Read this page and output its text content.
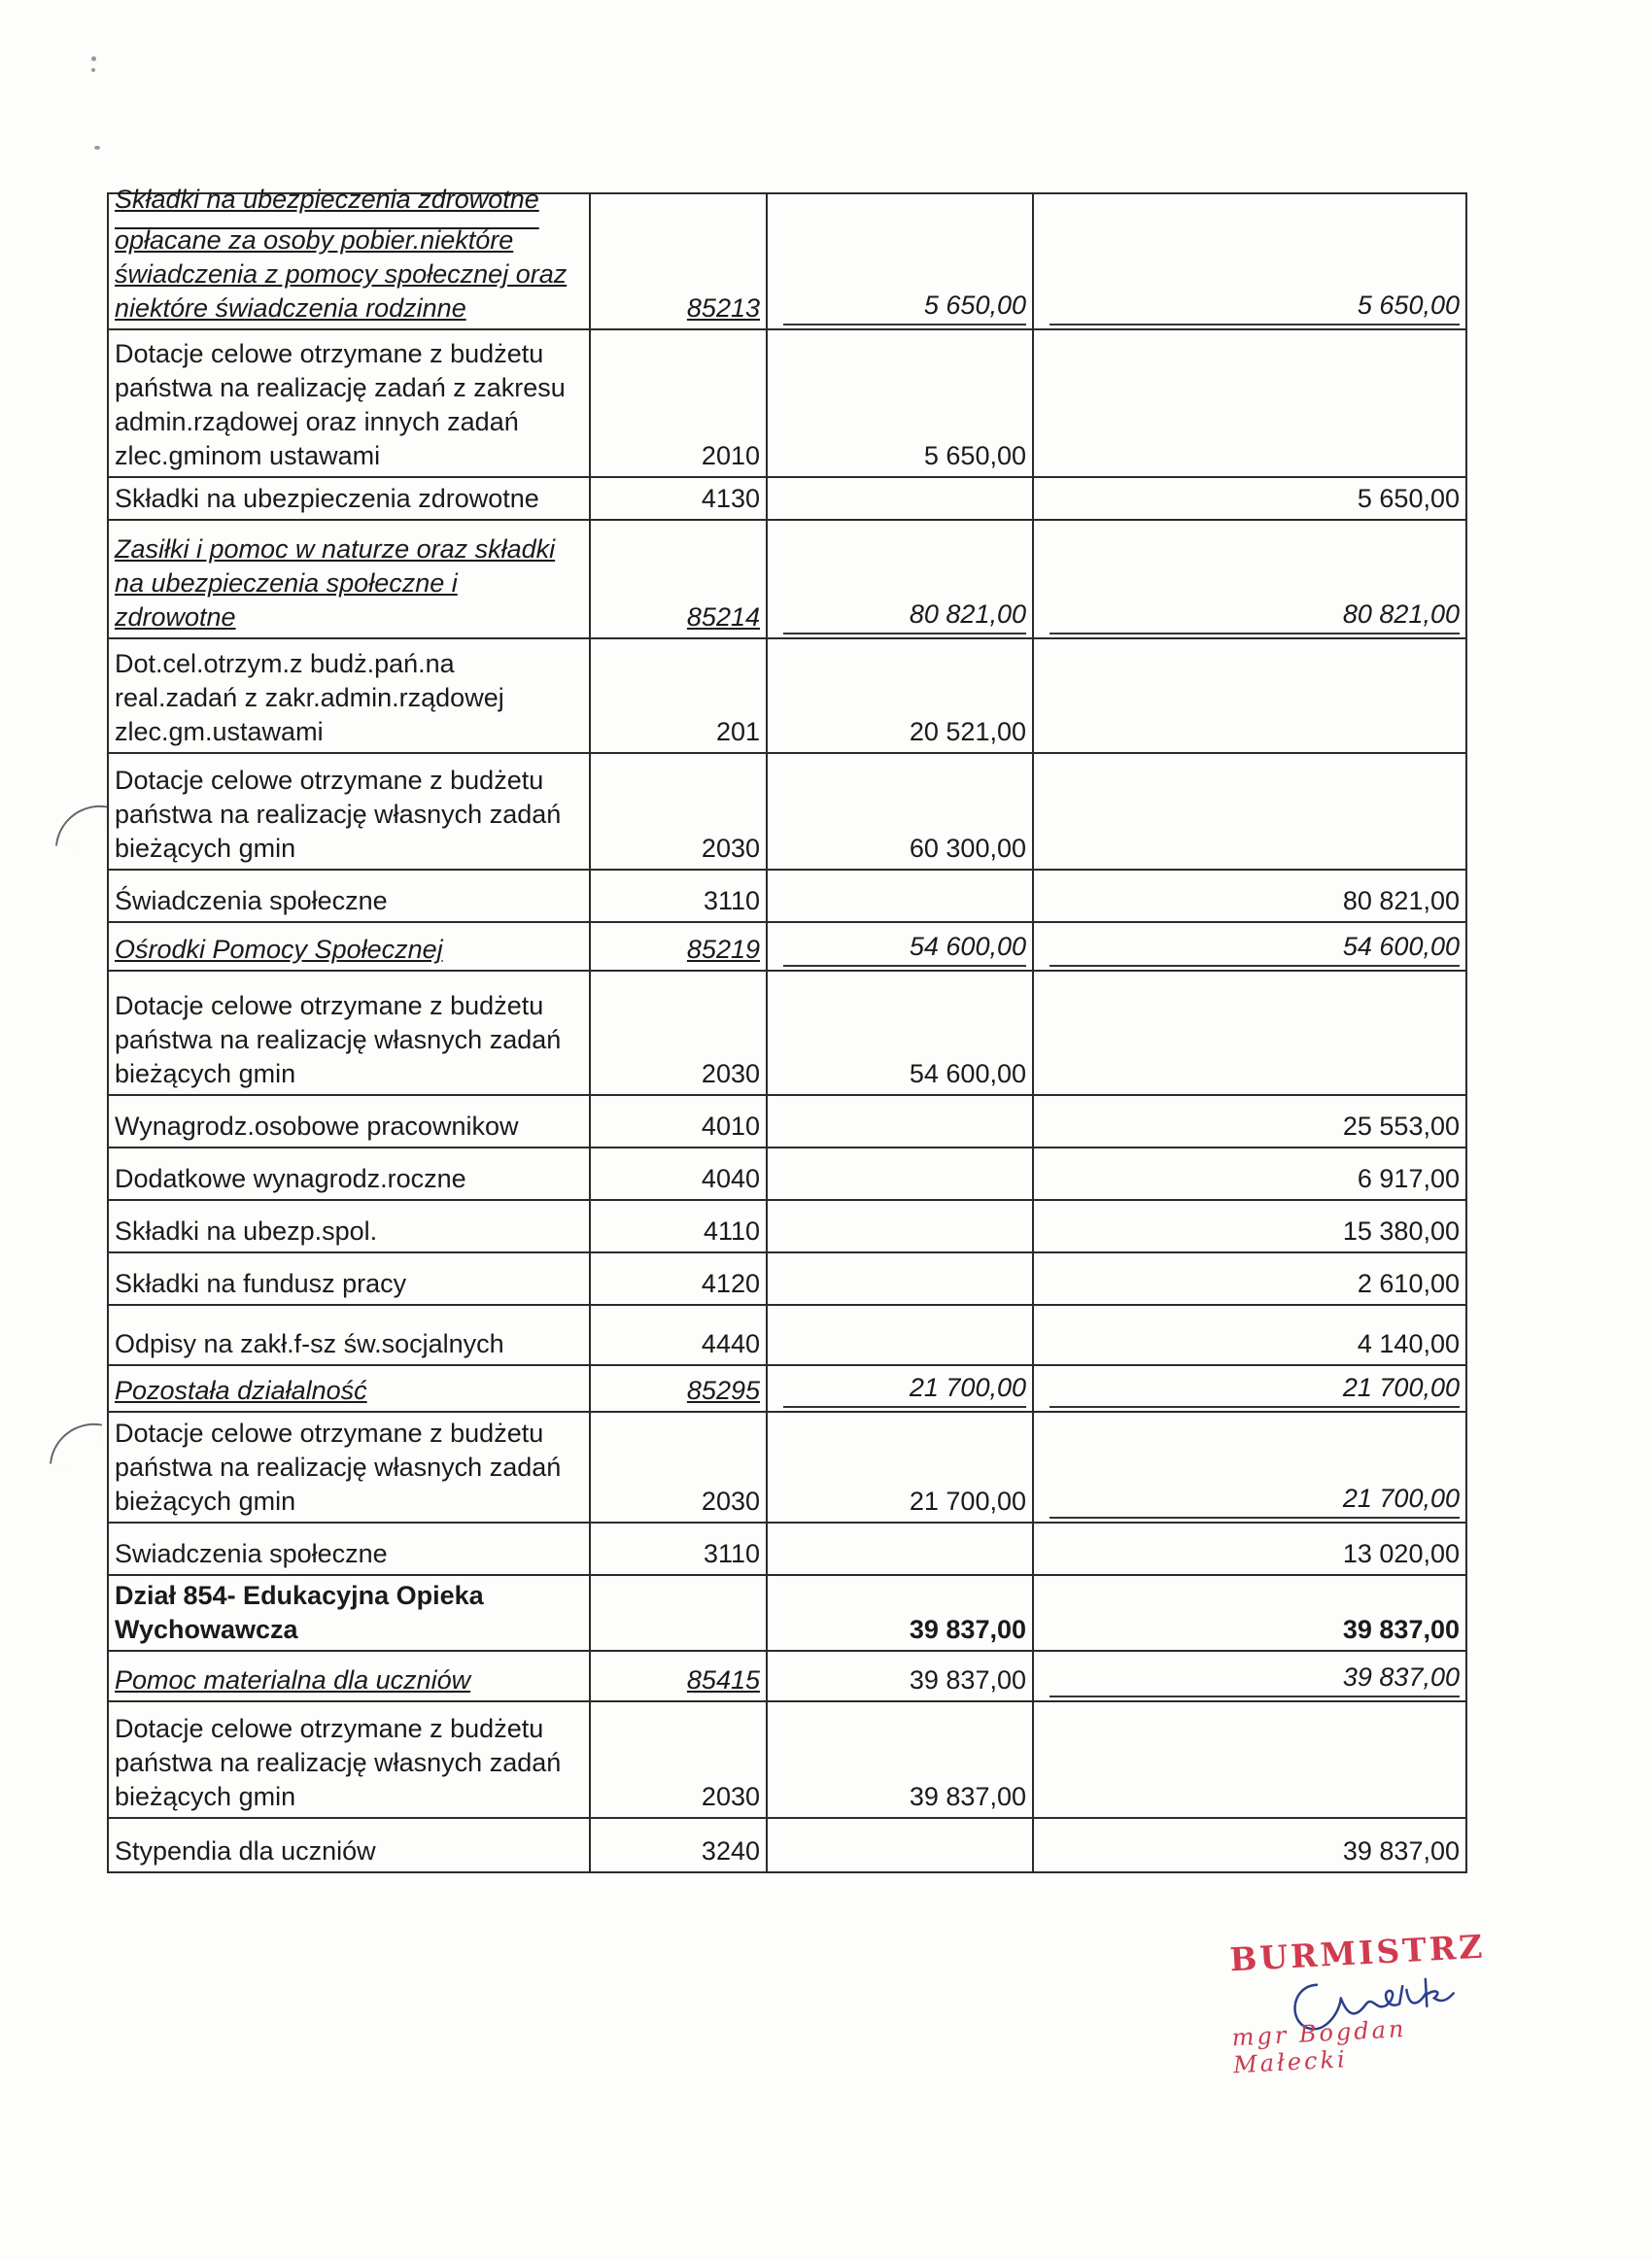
Składki na ubezpieczenia zdrowotne
opłacane za osoby pobier.niektóre świadczenia z pomocy społecznej oraz niektóre świadczenia rodzinne	85213	5 650,00	5 650,00

Dotacje celowe otrzymane z budżetu państwa na realizację zadań z zakresu admin.rządowej oraz innych zadań zlec.gminom ustawami	2010	5 650,00	
Składki na ubezpieczenia zdrowotne	4130		5 650,00
Zasiłki i pomoc w naturze oraz składki na ubezpieczenia społeczne i zdrowotne	85214	80 821,00	80 821,00

Dot.cel.otrzym.z budż.pań.na real.zadań z zakr.admin.rządowej zlec.gm.ustawami	201	20 521,00	
Dotacje celowe otrzymane z budżetu państwa na realizację własnych zadań bieżących gmin	2030	60 300,00	
Świadczenia społeczne	3110		80 821,00
Ośrodki Pomocy Społecznej	85219	54 600,00	54 600,00

Dotacje celowe otrzymane z budżetu państwa na realizację własnych zadań bieżących gmin	2030	54 600,00	
Wynagrodz.osobowe pracownikow	4010		25 553,00
Dodatkowe wynagrodz.roczne	4040		6 917,00
Składki na ubezp.spol.	4110		15 380,00
Składki na fundusz pracy	4120		2 610,00
Odpisy na zakł.f-sz św.socjalnych	4440		4 140,00
Pozostała działalność	85295	21 700,00	21 700,00

Dotacje celowe otrzymane z budżetu państwa na realizację własnych zadań bieżących gmin	2030	21 700,00	21 700,00

Swiadczenia społeczne	3110		13 020,00
Dział 854- Edukacyjna Opieka Wychowawcza		39 837,00	39 837,00
Pomoc materialna dla uczniów	85415	39 837,00	39 837,00

Dotacje celowe otrzymane z budżetu państwa na realizację własnych zadań bieżących gmin	2030	39 837,00	
Stypendia dla uczniów	3240		39 837,00
BURMISTRZ
mgr Bogdan Małecki
